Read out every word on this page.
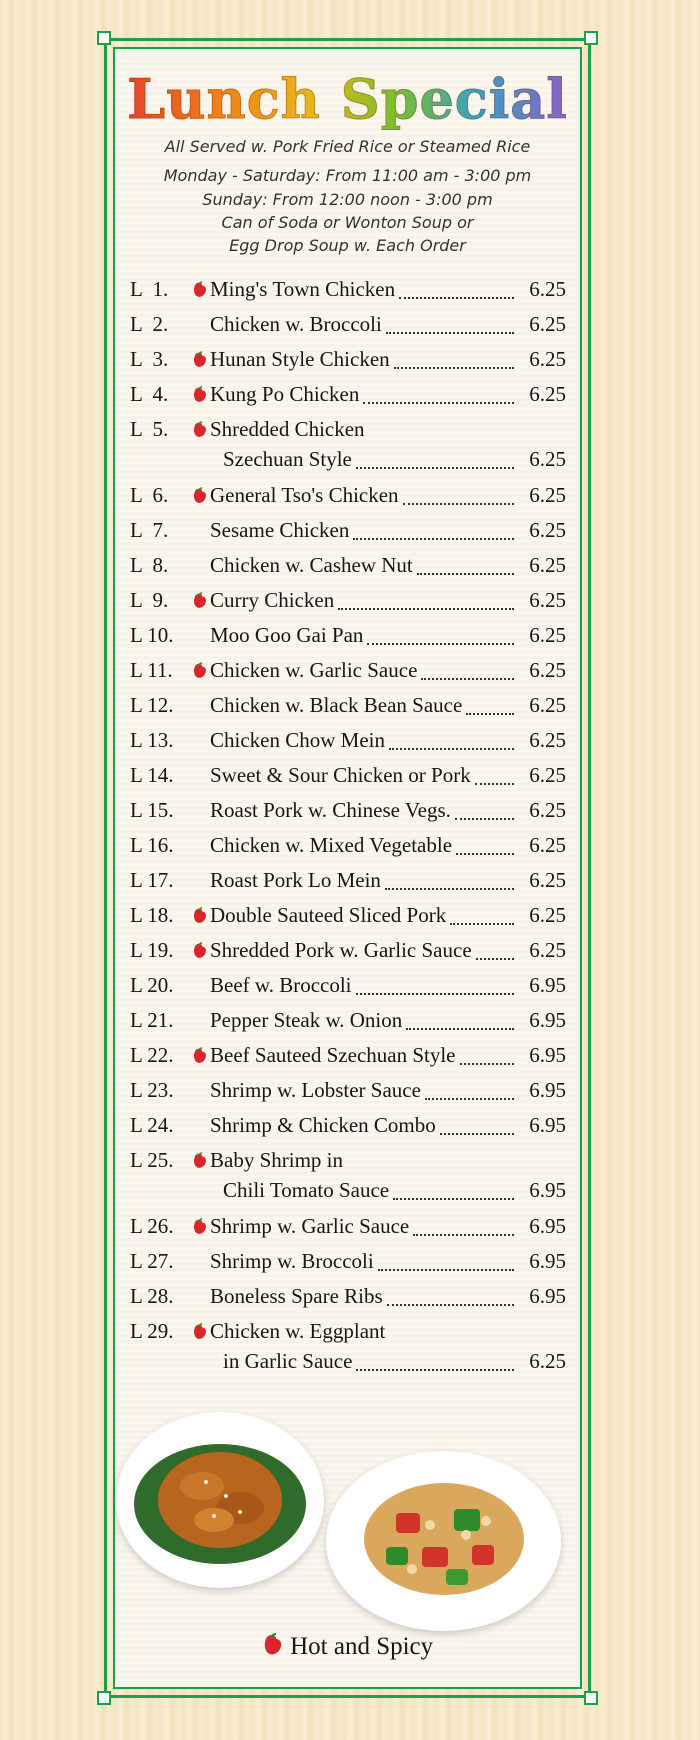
Lunch Special
All Served w. Pork Fried Rice or Steamed Rice
Monday - Saturday: From 11:00 am - 3:00 pm
Sunday: From 12:00 noon - 3:00 pm
Can of Soda or Wonton Soup or
Egg Drop Soup w. Each Order
L  1.	Ming's Town Chicken	6.25
L  2.	Chicken w. Broccoli	6.25
L  3.	Hunan Style Chicken	6.25
L  4.	Kung Po Chicken	6.25
L  5.	Shredded Chicken
Szechuan Style	6.25
L  6.	General Tso's Chicken	6.25
L  7.	Sesame Chicken	6.25
L  8.	Chicken w. Cashew Nut	6.25
L  9.	Curry Chicken	6.25
L 10.	Moo Goo Gai Pan	6.25
L 11.	Chicken w. Garlic Sauce	6.25
L 12.	Chicken w. Black Bean Sauce	6.25
L 13.	Chicken Chow Mein	6.25
L 14.	Sweet & Sour Chicken or Pork	6.25
L 15.	Roast Pork w. Chinese Vegs.	6.25
L 16.	Chicken w. Mixed Vegetable	6.25
L 17.	Roast Pork Lo Mein	6.25
L 18.	Double Sauteed Sliced Pork	6.25
L 19.	Shredded Pork w. Garlic Sauce	6.25
L 20.	Beef w. Broccoli	6.95
L 21.	Pepper Steak w. Onion	6.95
L 22.	Beef Sauteed Szechuan Style	6.95
L 23.	Shrimp w. Lobster Sauce	6.95
L 24.	Shrimp & Chicken Combo	6.95
L 25.	Baby Shrimp in
Chili Tomato Sauce	6.95
L 26.	Shrimp w. Garlic Sauce	6.95
L 27.	Shrimp w. Broccoli	6.95
L 28.	Boneless Spare Ribs	6.95
L 29.	Chicken w. Eggplant
in Garlic Sauce	6.25
Hot and Spicy
